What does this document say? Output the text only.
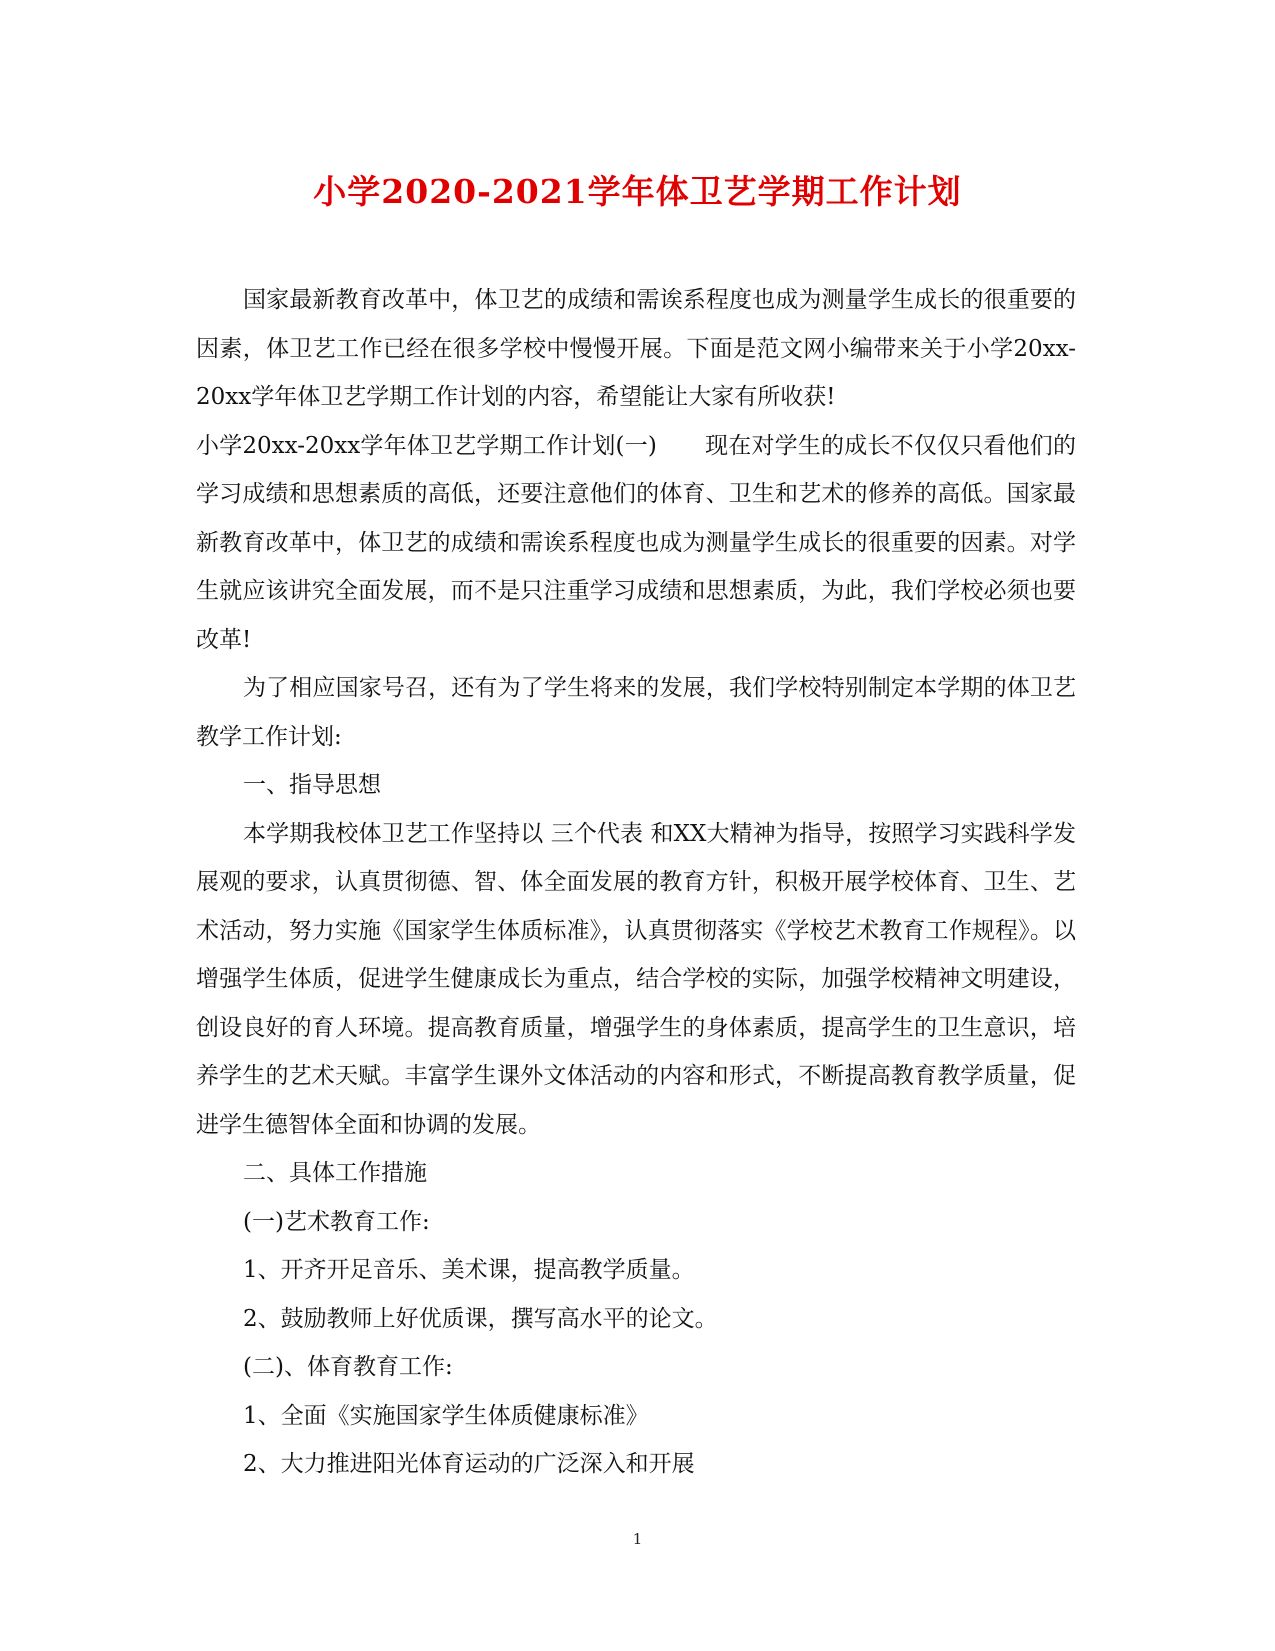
小学2020-2021学年体卫艺学期工作计划

国家最新教育改革中，体卫艺的成绩和需诶系程度也成为测量学生成长的很重要的因素，体卫艺工作已经在很多学校中慢慢开展。下面是范文网小编带来关于小学20xx-20xx学年体卫艺学期工作计划的内容，希望能让大家有所收获!

小学20xx-20xx学年体卫艺学期工作计划(一) 现在对学生的成长不仅仅只看他们的学习成绩和思想素质的高低，还要注意他们的体育、卫生和艺术的修养的高低。国家最新教育改革中，体卫艺的成绩和需诶系程度也成为测量学生成长的很重要的因素。对学生就应该讲究全面发展，而不是只注重学习成绩和思想素质，为此，我们学校必须也要改革!

为了相应国家号召，还有为了学生将来的发展，我们学校特别制定本学期的体卫艺教学工作计划:

一、指导思想

本学期我校体卫艺工作坚持以 三个代表 和XX大精神为指导，按照学习实践科学发展观的要求，认真贯彻德、智、体全面发展的教育方针，积极开展学校体育、卫生、艺术活动，努力实施《国家学生体质标准》，认真贯彻落实《学校艺术教育工作规程》。以增强学生体质，促进学生健康成长为重点，结合学校的实际，加强学校精神文明建设，创设良好的育人环境。提高教育质量，增强学生的身体素质，提高学生的卫生意识，培养学生的艺术天赋。丰富学生课外文体活动的内容和形式，不断提高教育教学质量，促进学生德智体全面和协调的发展。

二、具体工作措施

(一)艺术教育工作:

1、开齐开足音乐、美术课，提高教学质量。

2、鼓励教师上好优质课，撰写高水平的论文。

(二)、体育教育工作:

1、全面《实施国家学生体质健康标准》

2、大力推进阳光体育运动的广泛深入和开展

1
